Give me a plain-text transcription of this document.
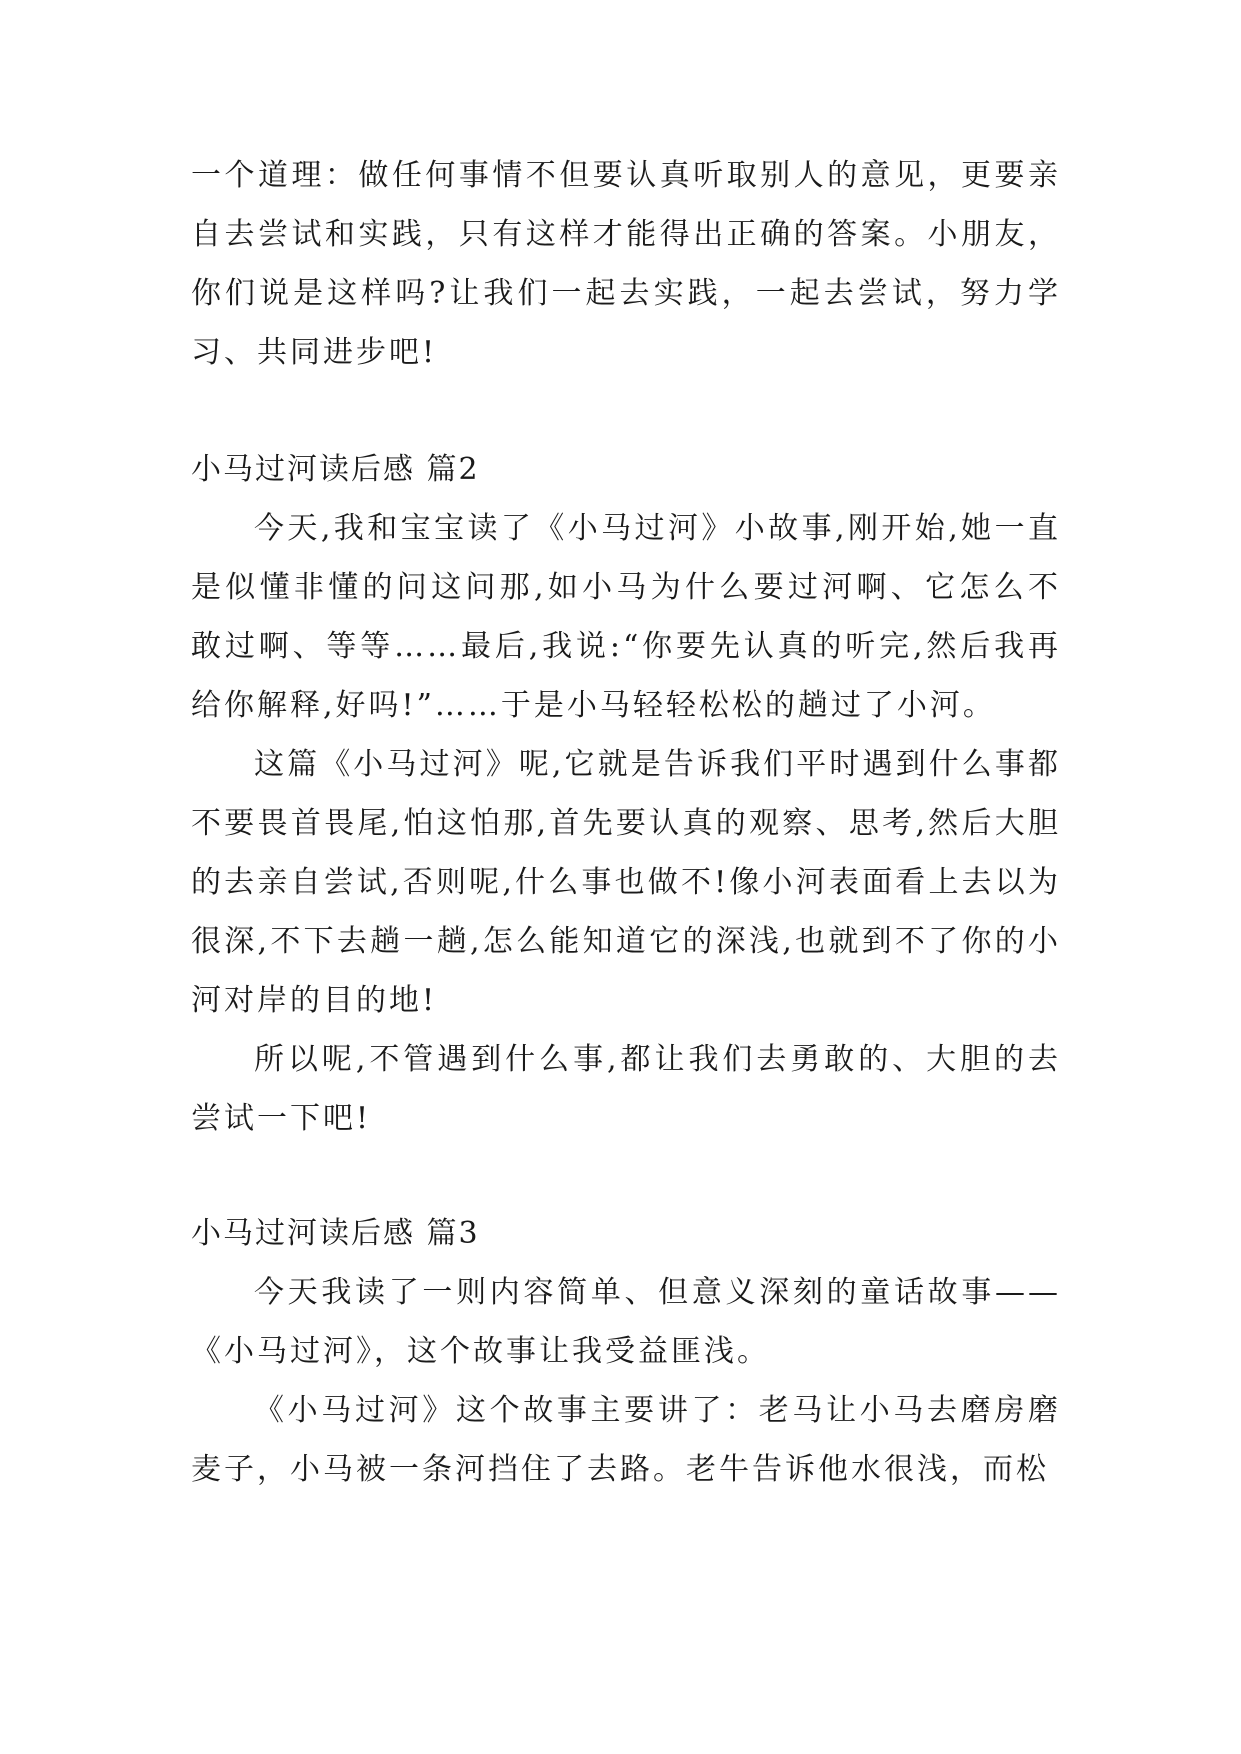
一个道理：做任何事情不但要认真听取别人的意见，更要亲自去尝试和实践，只有这样才能得出正确的答案。小朋友，你们说是这样吗?让我们一起去实践，一起去尝试，努力学习、共同进步吧!

小马过河读后感 篇2

今天,我和宝宝读了《小马过河》小故事,刚开始,她一直是似懂非懂的问这问那,如小马为什么要过河啊、它怎么不敢过啊、等等……最后,我说:“你要先认真的听完,然后我再给你解释,好吗!”……于是小马轻轻松松的趟过了小河。

这篇《小马过河》呢,它就是告诉我们平时遇到什么事都不要畏首畏尾,怕这怕那,首先要认真的观察、思考,然后大胆的去亲自尝试,否则呢,什么事也做不!像小河表面看上去以为很深,不下去趟一趟,怎么能知道它的深浅,也就到不了你的小河对岸的目的地!

所以呢,不管遇到什么事,都让我们去勇敢的、大胆的去尝试一下吧!

小马过河读后感 篇3

今天我读了一则内容简单、但意义深刻的童话故事——《小马过河》，这个故事让我受益匪浅。

《小马过河》这个故事主要讲了：老马让小马去磨房磨麦子，小马被一条河挡住了去路。老牛告诉他水很浅，而松
